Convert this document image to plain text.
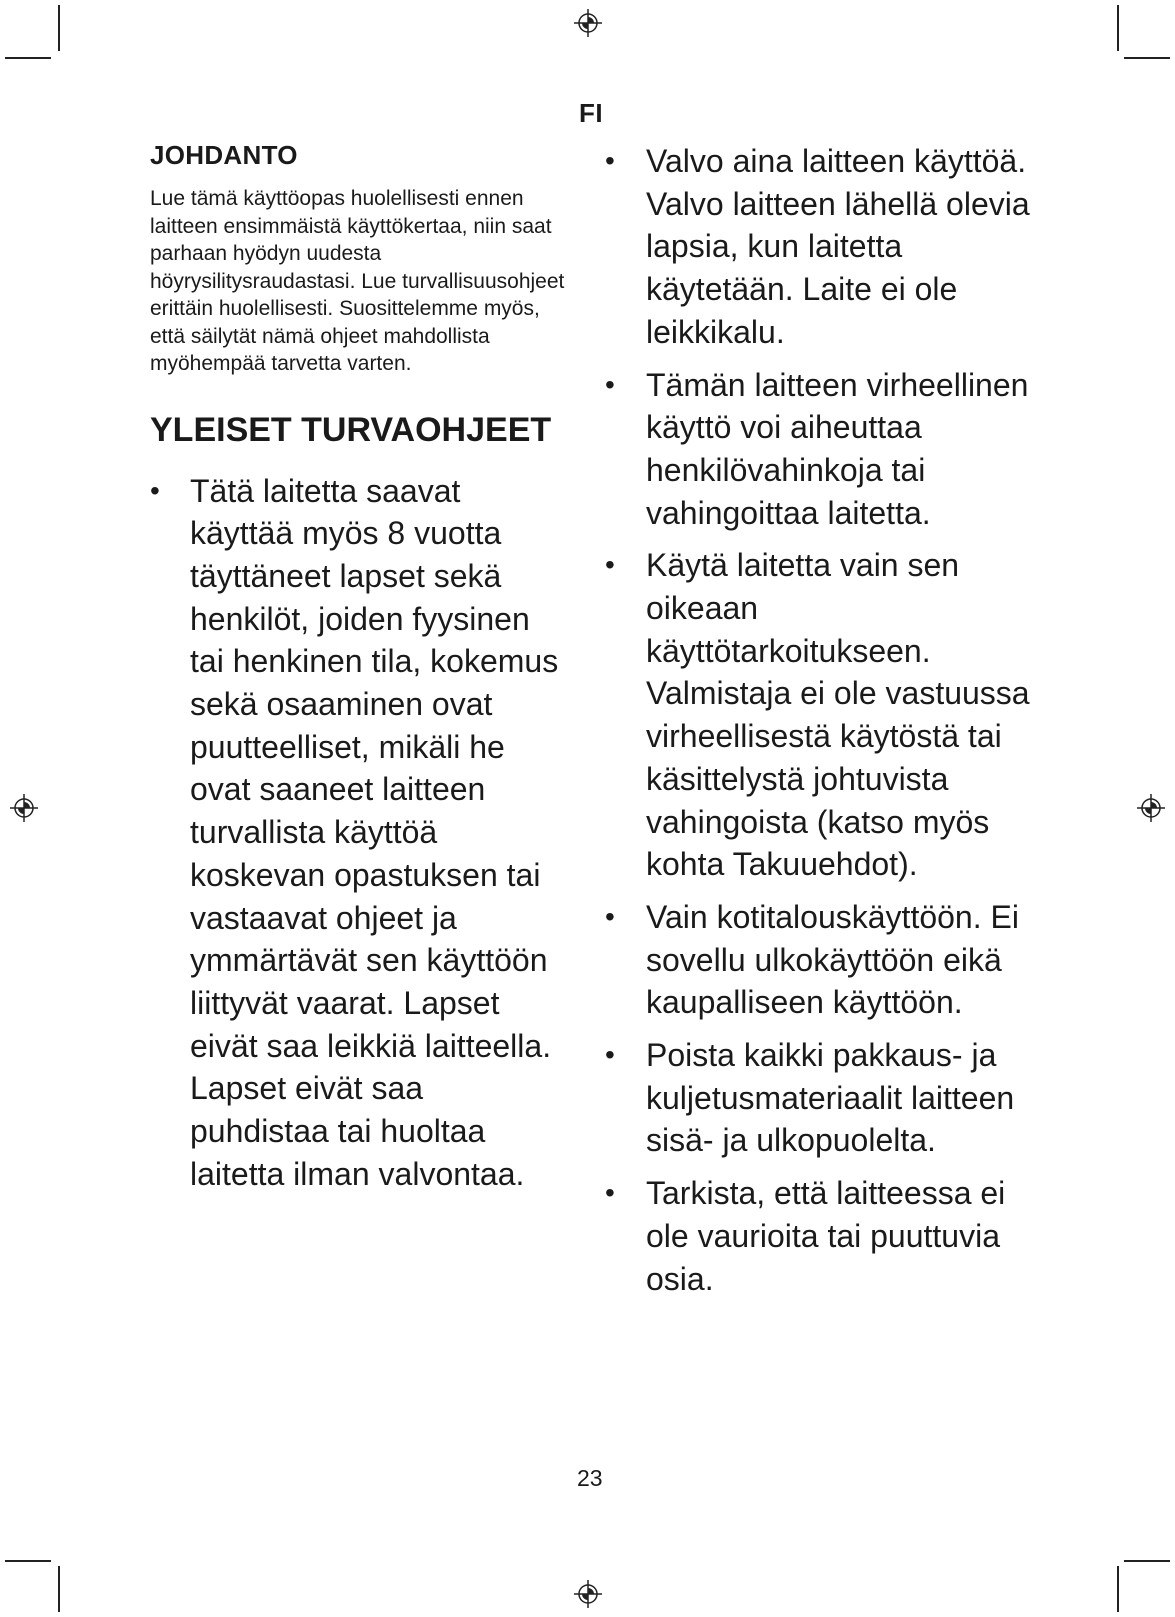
FI
JOHDANTO

Lue tämä käyttöopas huolellisesti ennen laitteen ensimmäistä käyttökertaa, niin saat parhaan hyödyn uudesta höyrysilitysraudastasi. Lue turvallisuusohjeet erittäin huolellisesti. Suosittelemme myös, että säilytät nämä ohjeet mahdollista myöhempää tarvetta varten.

YLEISET TURVAOHJEET
• Tätä laitetta saavat käyttää myös 8 vuotta täyttäneet lapset sekä henkilöt, joiden fyysinen tai henkinen tila, kokemus sekä osaaminen ovat puutteelliset, mikäli he ovat saaneet laitteen turvallista käyttöä koskevan opastuksen tai vastaavat ohjeet ja ymmärtävät sen käyttöön liittyvät vaarat. Lapset eivät saa leikkiä laitteella. Lapset eivät saa puhdistaa tai huoltaa laitetta ilman valvontaa.
• Valvo aina laitteen käyttöä. Valvo laitteen lähellä olevia lapsia, kun laitetta käytetään. Laite ei ole leikkikalu.
• Tämän laitteen virheellinen käyttö voi aiheuttaa henkilövahinkoja tai vahingoittaa laitetta.
• Käytä laitetta vain sen oikeaan käyttötarkoitukseen. Valmistaja ei ole vastuussa virheellisestä käytöstä tai käsittelystä johtuvista vahingoista (katso myös kohta Takuuehdot).
• Vain kotitalouskäyttöön. Ei sovellu ulkokäyttöön eikä kaupalliseen käyttöön.
• Poista kaikki pakkaus- ja kuljetusmateriaalit laitteen sisä- ja ulkopuolelta.
• Tarkista, että laitteessa ei ole vaurioita tai puuttuvia osia.
23
